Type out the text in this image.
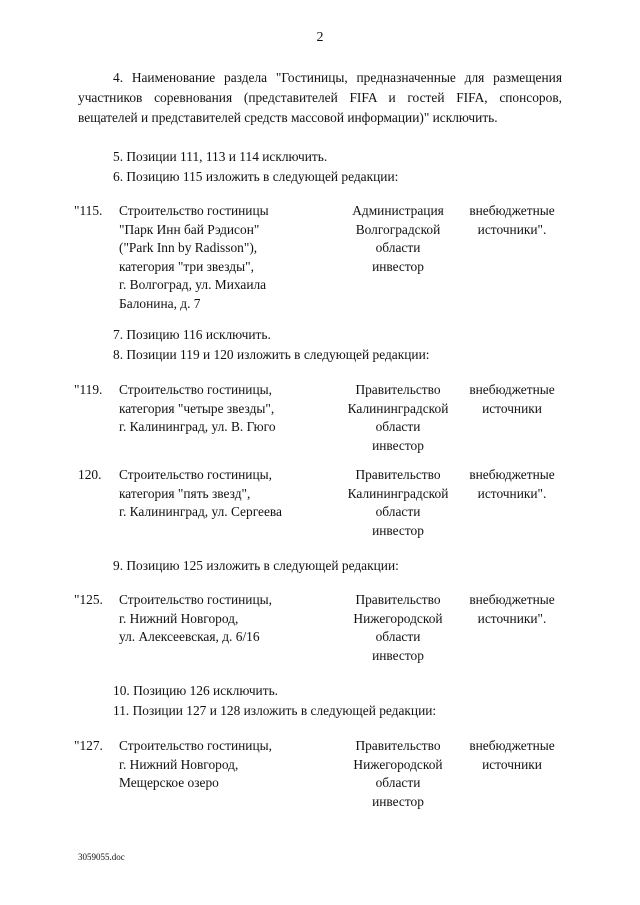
2
4. Наименование раздела "Гостиницы, предназначенные для размещения участников соревнования (представителей FIFA и гостей FIFA, спонсоров, вещателей и представителей средств массовой информации)" исключить.
5. Позиции 111, 113 и 114 исключить.
6. Позицию 115 изложить в следующей редакции:
"115. Строительство гостиницы
"Парк Инн бай Рэдисон"
("Park Inn by Radisson"),
категория "три звезды",
г. Волгоград, ул. Михаила
Балонина, д. 7
Администрация
Волгоградской
области
инвестор
внебюджетные
источники".
7. Позицию 116 исключить.
8. Позиции 119 и 120 изложить в следующей редакции:
"119. Строительство гостиницы,
категория "четыре звезды",
г. Калининград, ул. В. Гюго
Правительство
Калининградской
области
инвестор
внебюджетные
источники
120. Строительство гостиницы,
категория "пять звезд",
г. Калининград, ул. Сергеева
Правительство
Калининградской
области
инвестор
внебюджетные
источники".
9. Позицию 125 изложить в следующей редакции:
"125. Строительство гостиницы,
г. Нижний Новгород,
ул. Алексеевская, д. 6/16
Правительство
Нижегородской
области
инвестор
внебюджетные
источники".
10. Позицию 126 исключить.
11. Позиции 127 и 128 изложить в следующей редакции:
"127. Строительство гостиницы,
г. Нижний Новгород,
Мещерское озеро
Правительство
Нижегородской
области
инвестор
внебюджетные
источники
3059055.doc
